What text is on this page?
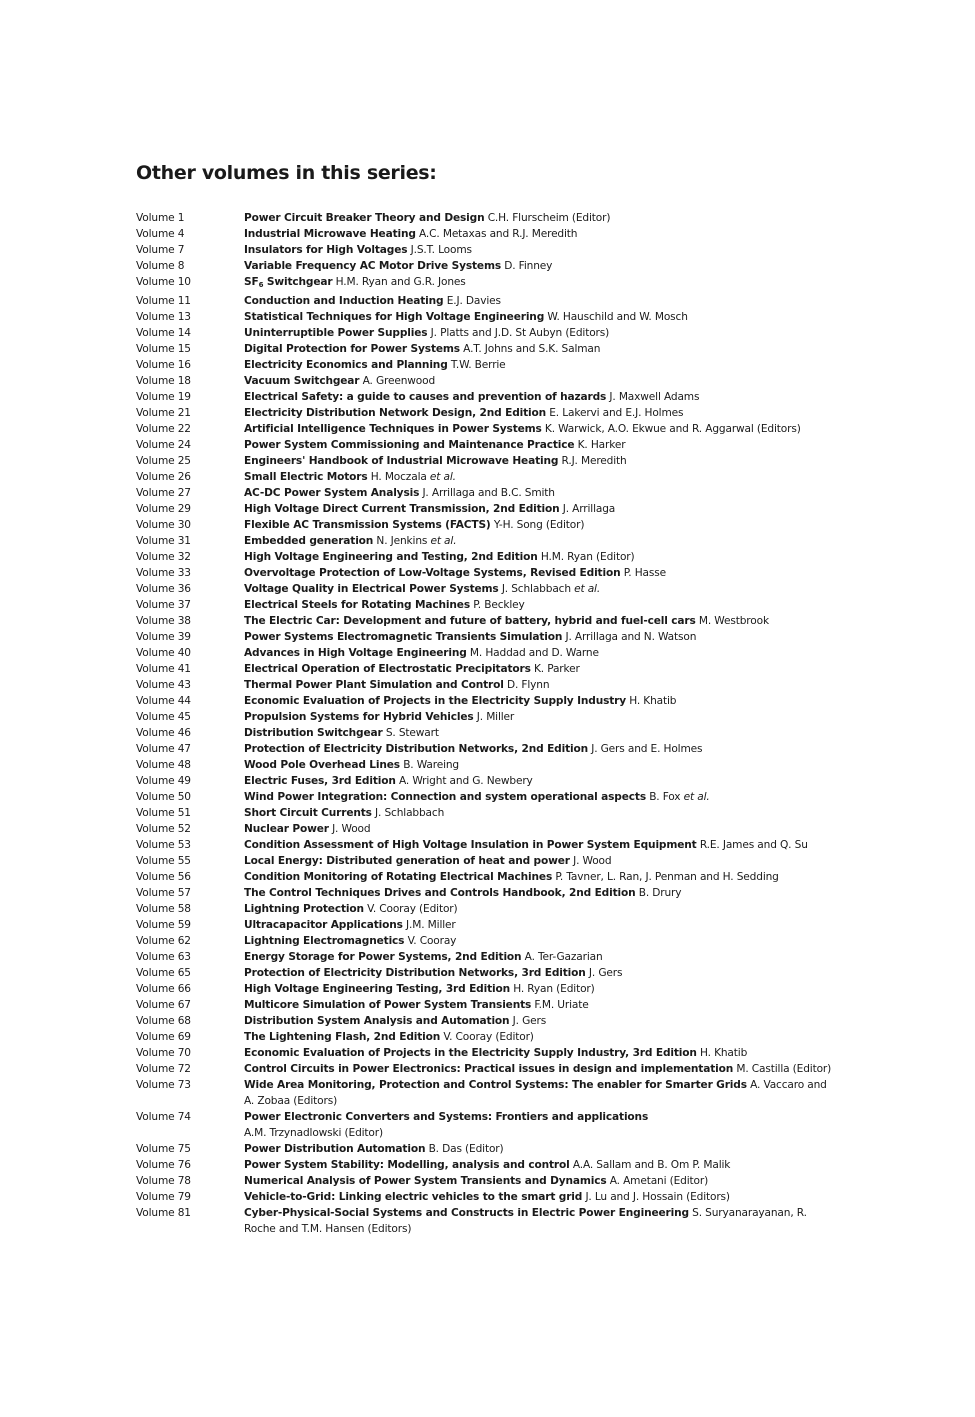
Other volumes in this series:
Volume 1	Power Circuit Breaker Theory and Design C.H. Flurscheim (Editor)
Volume 4	Industrial Microwave Heating A.C. Metaxas and R.J. Meredith
Volume 7	Insulators for High Voltages J.S.T. Looms
Volume 8	Variable Frequency AC Motor Drive Systems D. Finney
Volume 10	$SF_6$ Switchgear H.M. Ryan and G.R. Jones
Volume 11	Conduction and Induction Heating E.J. Davies
Volume 13	Statistical Techniques for High Voltage Engineering W. Hauschild and W. Mosch
Volume 14	Uninterruptible Power Supplies J. Platts and J.D. St Aubyn (Editors)
Volume 15	Digital Protection for Power Systems A.T. Johns and S.K. Salman
Volume 16	Electricity Economics and Planning T.W. Berrie
Volume 18	Vacuum Switchgear A. Greenwood
Volume 19	Electrical Safety: a guide to causes and prevention of hazards J. Maxwell Adams
Volume 21	Electricity Distribution Network Design, 2nd Edition E. Lakervi and E.J. Holmes
Volume 22	Artificial Intelligence Techniques in Power Systems K. Warwick, A.O. Ekwue and R. Aggarwal (Editors)
Volume 24	Power System Commissioning and Maintenance Practice K. Harker
Volume 25	Engineers' Handbook of Industrial Microwave Heating R.J. Meredith
Volume 26	Small Electric Motors H. Moczala et al.
Volume 27	AC-DC Power System Analysis J. Arrillaga and B.C. Smith
Volume 29	High Voltage Direct Current Transmission, 2nd Edition J. Arrillaga
Volume 30	Flexible AC Transmission Systems (FACTS) Y-H. Song (Editor)
Volume 31	Embedded generation N. Jenkins et al.
Volume 32	High Voltage Engineering and Testing, 2nd Edition H.M. Ryan (Editor)
Volume 33	Overvoltage Protection of Low-Voltage Systems, Revised Edition P. Hasse
Volume 36	Voltage Quality in Electrical Power Systems J. Schlabbach et al.
Volume 37	Electrical Steels for Rotating Machines P. Beckley
Volume 38	The Electric Car: Development and future of battery, hybrid and fuel-cell cars M. Westbrook
Volume 39	Power Systems Electromagnetic Transients Simulation J. Arrillaga and N. Watson
Volume 40	Advances in High Voltage Engineering M. Haddad and D. Warne
Volume 41	Electrical Operation of Electrostatic Precipitators K. Parker
Volume 43	Thermal Power Plant Simulation and Control D. Flynn
Volume 44	Economic Evaluation of Projects in the Electricity Supply Industry H. Khatib
Volume 45	Propulsion Systems for Hybrid Vehicles J. Miller
Volume 46	Distribution Switchgear S. Stewart
Volume 47	Protection of Electricity Distribution Networks, 2nd Edition J. Gers and E. Holmes
Volume 48	Wood Pole Overhead Lines B. Wareing
Volume 49	Electric Fuses, 3rd Edition A. Wright and G. Newbery
Volume 50	Wind Power Integration: Connection and system operational aspects B. Fox et al.
Volume 51	Short Circuit Currents J. Schlabbach
Volume 52	Nuclear Power J. Wood
Volume 53	Condition Assessment of High Voltage Insulation in Power System Equipment R.E. James and Q. Su
Volume 55	Local Energy: Distributed generation of heat and power J. Wood
Volume 56	Condition Monitoring of Rotating Electrical Machines P. Tavner, L. Ran, J. Penman and H. Sedding
Volume 57	The Control Techniques Drives and Controls Handbook, 2nd Edition B. Drury
Volume 58	Lightning Protection V. Cooray (Editor)
Volume 59	Ultracapacitor Applications J.M. Miller
Volume 62	Lightning Electromagnetics V. Cooray
Volume 63	Energy Storage for Power Systems, 2nd Edition A. Ter-Gazarian
Volume 65	Protection of Electricity Distribution Networks, 3rd Edition J. Gers
Volume 66	High Voltage Engineering Testing, 3rd Edition H. Ryan (Editor)
Volume 67	Multicore Simulation of Power System Transients F.M. Uriate
Volume 68	Distribution System Analysis and Automation J. Gers
Volume 69	The Lightening Flash, 2nd Edition V. Cooray (Editor)
Volume 70	Economic Evaluation of Projects in the Electricity Supply Industry, 3rd Edition H. Khatib
Volume 72	Control Circuits in Power Electronics: Practical issues in design and implementation M. Castilla (Editor)
Volume 73	Wide Area Monitoring, Protection and Control Systems: The enabler for Smarter Grids A. Vaccaro and A. Zobaa (Editors)
Volume 74	Power Electronic Converters and Systems: Frontiers and applications
A.M. Trzynadlowski (Editor)
Volume 75	Power Distribution Automation B. Das (Editor)
Volume 76	Power System Stability: Modelling, analysis and control A.A. Sallam and B. Om P. Malik
Volume 78	Numerical Analysis of Power System Transients and Dynamics A. Ametani (Editor)
Volume 79	Vehicle-to-Grid: Linking electric vehicles to the smart grid J. Lu and J. Hossain (Editors)
Volume 81	Cyber-Physical-Social Systems and Constructs in Electric Power Engineering S. Suryanarayanan, R. Roche and T.M. Hansen (Editors)
